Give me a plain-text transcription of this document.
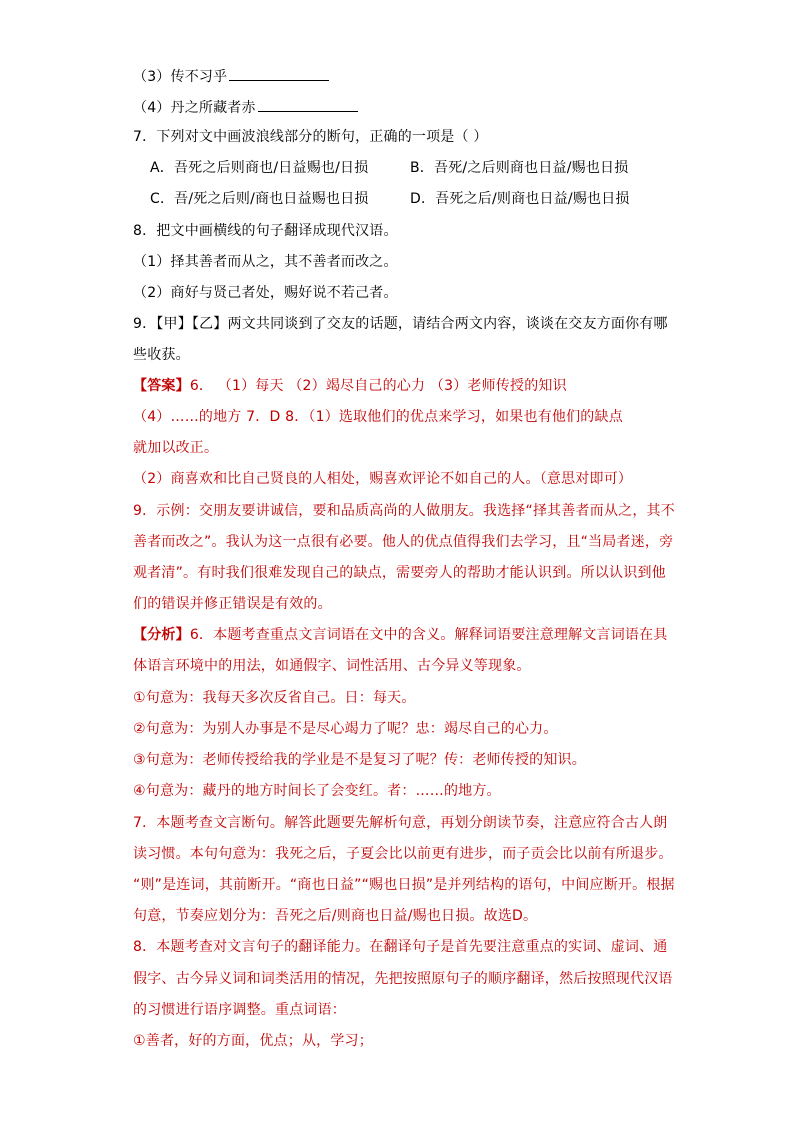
（3）传不习乎
（4）丹之所藏者赤
7．下列对文中画波浪线部分的断句，正确的一项是（ ）
A．吾死之后则商也/日益赐也/日损	B．吾死/之后则商也日益/赐也日损
C．吾/死之后则/商也日益赐也日损	D．吾死之后/则商也日益/赐也日损
8．把文中画横线的句子翻译成现代汉语。
（1）择其善者而从之，其不善者而改之。
（2）商好与贤己者处，赐好说不若己者。
9．【甲】【乙】两文共同谈到了交友的话题，请结合两文内容，谈谈在交友方面你有哪
些收获。
【答案】6． （1）每天 （2）竭尽自己的心力 （3）老师传授的知识
（4）……的地方 7．D 8．（1）选取他们的优点来学习，如果也有他们的缺点
就加以改正。
（2）商喜欢和比自己贤良的人相处，赐喜欢评论不如自己的人。（意思对即可）
9．示例：交朋友要讲诚信，要和品质高尚的人做朋友。我选择“择其善者而从之，其不
善者而改之”。我认为这一点很有必要。他人的优点值得我们去学习，且“当局者迷，旁
观者清”。有时我们很难发现自己的缺点，需要旁人的帮助才能认识到。所以认识到他
们的错误并修正错误是有效的。
【分析】6．本题考查重点文言词语在文中的含义。解释词语要注意理解文言词语在具
体语言环境中的用法，如通假字、词性活用、古今异义等现象。
①句意为：我每天多次反省自己。日：每天。
②句意为：为别人办事是不是尽心竭力了呢？忠：竭尽自己的心力。
③句意为：老师传授给我的学业是不是复习了呢？传：老师传授的知识。
④句意为：藏丹的地方时间长了会变红。者：……的地方。
7．本题考查文言断句。解答此题要先解析句意，再划分朗读节奏，注意应符合古人朗
读习惯。本句句意为：我死之后，子夏会比以前更有进步，而子贡会比以前有所退步。
“则”是连词，其前断开。“商也日益”“赐也日损”是并列结构的语句，中间应断开。根据
句意，节奏应划分为：吾死之后/则商也日益/赐也日损。故选D。
8．本题考查对文言句子的翻译能力。在翻译句子是首先要注意重点的实词、虚词、通
假字、古今异义词和词类活用的情况，先把按照原句子的顺序翻译，然后按照现代汉语
的习惯进行语序调整。重点词语：
①善者，好的方面，优点；从，学习；
